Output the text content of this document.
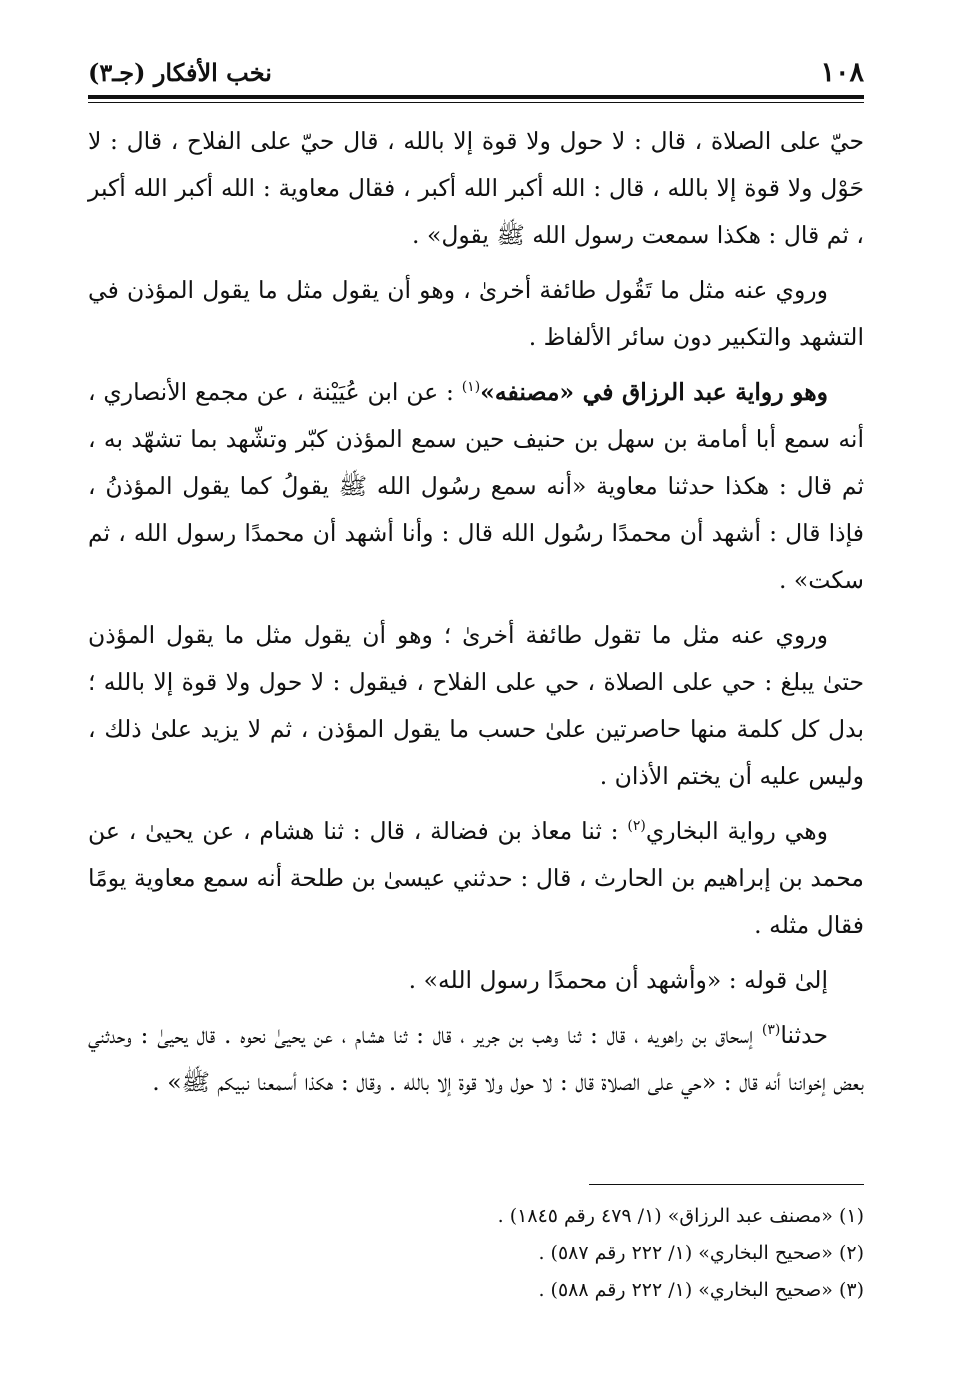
١٠٨
نخب الأفكار (جـ٣)

حيّ على الصلاة ، قال : لا حول ولا قوة إلا بالله ، قال حيّ على الفلاح ، قال : لا حَوْل ولا قوة إلا بالله ، قال : الله أكبر الله أكبر ، فقال معاوية : الله أكبر الله أكبر ، ثم قال : هكذا سمعت رسول الله ﷺ يقول» .

وروي عنه مثل ما تَقُول طائفة أخرىٰ ، وهو أن يقول مثل ما يقول المؤذن في التشهد والتكبير دون سائر الألفاظ .

وهو رواية عبد الرزاق في «مصنفه»$^{(١)}$ : عن ابن عُيَيْنة ، عن مجمع الأنصاري ، أنه سمع أبا أمامة بن سهل بن حنيف حين سمع المؤذن كبّر وتشّهد بما تشهّد به ، ثم قال : هكذا حدثنا معاوية «أنه سمع رسُول الله ﷺ يقولُ كما يقول المؤذنُ ، فإذا قال : أشهد أن محمدًا رسُول الله قال : وأنا أشهد أن محمدًا رسول الله ، ثم سكت» .

وروي عنه مثل ما تقول طائفة أخرىٰ ؛ وهو أن يقول مثل ما يقول المؤذن حتىٰ يبلغ : حي على الصلاة ، حي على الفلاح ، فيقول : لا حول ولا قوة إلا بالله ؛ بدل كل كلمة منها حاصرتين علىٰ حسب ما يقول المؤذن ، ثم لا يزيد علىٰ ذلك ، وليس عليه أن يختم الأذان .

وهي رواية البخاري$^{(٢)}$ : ثنا معاذ بن فضالة ، قال : ثنا هشام ، عن يحيىٰ ، عن محمد بن إبراهيم بن الحارث ، قال : حدثني عيسىٰ بن طلحة أنه سمع معاوية يومًا فقال مثله .

إلىٰ قوله : «وأشهد أن محمدًا رسول الله» .

حدثنا$^{(٣)}$ إسحاق بن راهويه ، قال : ثنا وهب بن جرير ، قال : ثنا هشام ، عن يحيىٰ نحوه . قال يحيىٰ : وحدثني بعض إخواننا أنه قال : «حي على الصلاة قال : لا حول ولا قوة إلا بالله . وقال : هكذا أسمعنا نبيكم ﷺ» .

(١) «مصنف عبد الرزاق» (١/ ٤٧٩ رقم ١٨٤٥) .

(٢) «صحيح البخاري» (١/ ٢٢٢ رقم ٥٨٧) .

(٣) «صحيح البخاري» (١/ ٢٢٢ رقم ٥٨٨) .
